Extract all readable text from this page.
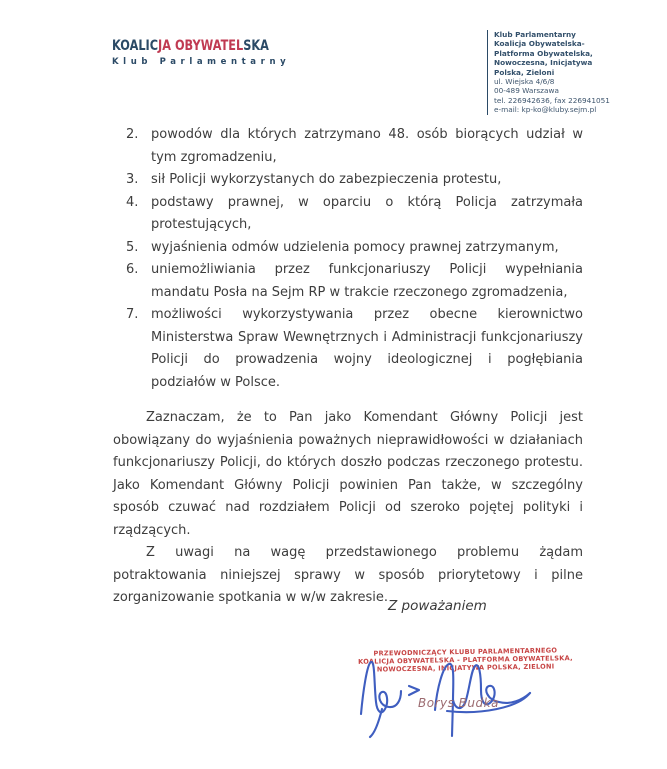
KOALICJA OBYWATELSKA
Klub Parlamentarny
Klub Parlamentarny
Koalicja Obywatelska-
Platforma Obywatelska,
Nowoczesna, Inicjatywa
Polska, Zieloni
ul. Wiejska 4/6/8
00-489 Warszawa
tel. 226942636, fax 226941051
e-mail: kp-ko@kluby.sejm.pl
2. powodów dla których zatrzymano 48. osób biorących udział w tym zgromadzeniu,
3. sił Policji wykorzystanych do zabezpieczenia protestu,
4. podstawy prawnej, w oparciu o którą Policja zatrzymała protestujących,
5. wyjaśnienia odmów udzielenia pomocy prawnej zatrzymanym,
6. uniemożliwiania przez funkcjonariuszy Policji wypełniania mandatu Posła na Sejm RP w trakcie rzeczonego zgromadzenia,
7. możliwości wykorzystywania przez obecne kierownictwo Ministerstwa Spraw Wewnętrznych i Administracji funkcjonariuszy Policji do prowadzenia wojny ideologicznej i pogłębiania podziałów w Polsce.

Zaznaczam, że to Pan jako Komendant Główny Policji jest obowiązany do wyjaśnienia poważnych nieprawidłowości w działaniach funkcjonariuszy Policji, do których doszło podczas rzeczonego protestu. Jako Komendant Główny Policji powinien Pan także, w szczególny sposób czuwać nad rozdziałem Policji od szeroko pojętej polityki i rządzących.

Z uwagi na wagę przedstawionego problemu żądam potraktowania niniejszej sprawy w sposób priorytetowy i pilne zorganizowanie spotkania w w/w zakresie.

Z poważaniem
PRZEWODNICZĄCY KLUBU PARLAMENTARNEGO
KOALICJA OBYWATELSKA - PLATFORMA OBYWATELSKA,
NOWOCZESNA, INICJATYWA POLSKA, ZIELONI
Borys Budka
